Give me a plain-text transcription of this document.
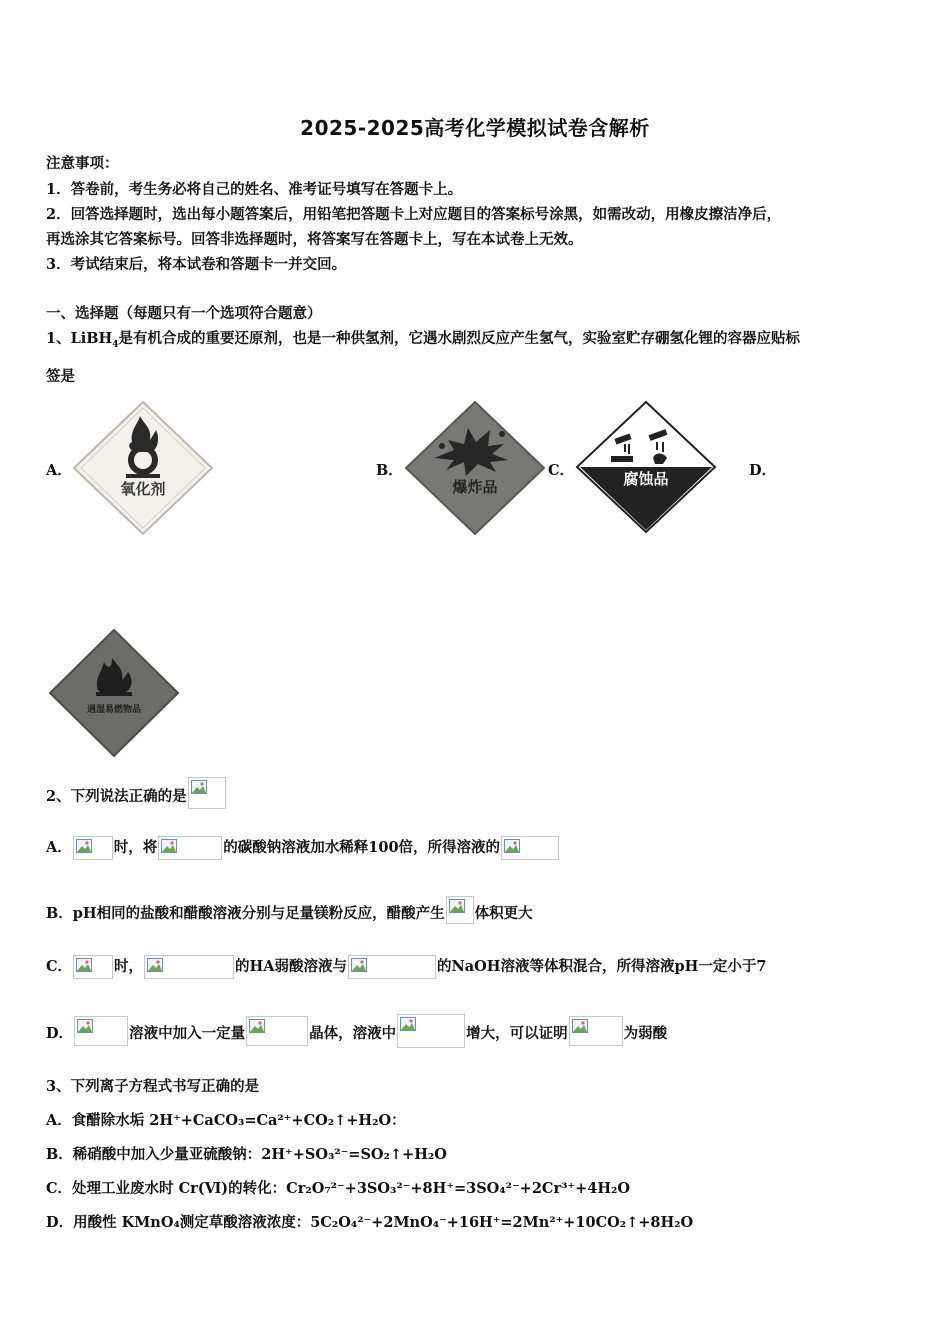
2025-2025高考化学模拟试卷含解析
注意事项：
1．答卷前，考生务必将自己的姓名、准考证号填写在答题卡上。
2．回答选择题时，选出每小题答案后，用铅笔把答题卡上对应题目的答案标号涂黑，如需改动，用橡皮擦洁净后，
再选涂其它答案标号。回答非选择题时，将答案写在答题卡上，写在本试卷上无效。
3．考试结束后，将本试卷和答题卡一并交回。
一、选择题（每题只有一个选项符合题意）
1、LiBH$_4$是有机合成的重要还原剂，也是一种供氢剂，它遇水剧烈反应产生氢气，实验室贮存硼氢化锂的容器应贴标
签是
A．	B．	C．	D．
氧化剂	爆炸品	腐蚀品
遇湿易燃物品
2、下列说法正确的是
A．	时，将	的碳酸钠溶液加水稀释100倍，所得溶液的
B．pH相同的盐酸和醋酸溶液分别与足量镁粉反应，醋酸产生 体积更大
C．	时，	的HA弱酸溶液与	的NaOH溶液等体积混合，所得溶液pH一定小于7
D．	溶液中加入一定量	晶体，溶液中	增大，可以证明	为弱酸
3、下列离子方程式书写正确的是
A．食醋除水垢 2H⁺+CaCO₃=Ca²⁺+CO₂↑+H₂O：
B．稀硝酸中加入少量亚硫酸钠：2H⁺+SO₃²⁻=SO₂↑+H₂O
C．处理工业废水时 Cr(Ⅵ)的转化：Cr₂O₇²⁻+3SO₃²⁻+8H⁺=3SO₄²⁻+2Cr³⁺+4H₂O
D．用酸性 KMnO₄测定草酸溶液浓度：5C₂O₄²⁻+2MnO₄⁻+16H⁺=2Mn²⁺+10CO₂↑+8H₂O
